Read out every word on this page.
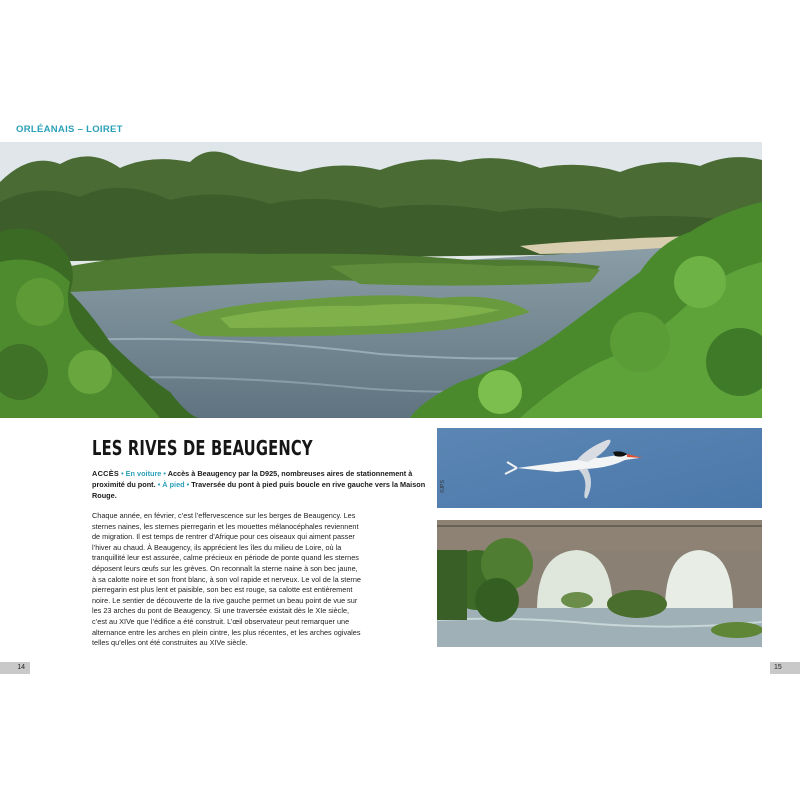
ORLÉANAIS – LOIRET
LES RIVES DE BEAUGENCY
ACCÈS • En voiture • Accès à Beaugency par la D925, nombreuses aires de stationnement à proximité du pont. • À pied • Traversée du pont à pied puis boucle en rive gauche vers la Maison Rouge.

Chaque année, en février, c’est l’effervescence sur les berges de Beaugency. Les sternes naines, les sternes pierregarin et les mouettes mélanocéphales reviennent de migration. Il est temps de rentrer d’Afrique pour ces oiseaux qui aiment passer l’hiver au chaud. À Beaugency, ils apprécient les îles du milieu de Loire, où la tranquillité leur est assurée, calme précieux en période de ponte quand les sternes déposent leurs œufs sur les grèves. On reconnaît la sterne naine à son bec jaune, à sa calotte noire et son front blanc, à son vol rapide et nerveux. Le vol de la sterne pierregarin est plus lent et paisible, son bec est rouge, sa calotte est entièrement noire. Le sentier de découverte de la rive gauche permet un beau point de vue sur les 23 arches du pont de Beaugency. Si une traversée existait dès le XIe siècle, c’est au XIVe que l’édifice a été construit. L’œil observateur peut remarquer une alternance entre les arches en plein cintre, les plus récentes, et les arches ogivales telles qu’elles ont été construites au XIVe siècle.

©JPS
14	15
